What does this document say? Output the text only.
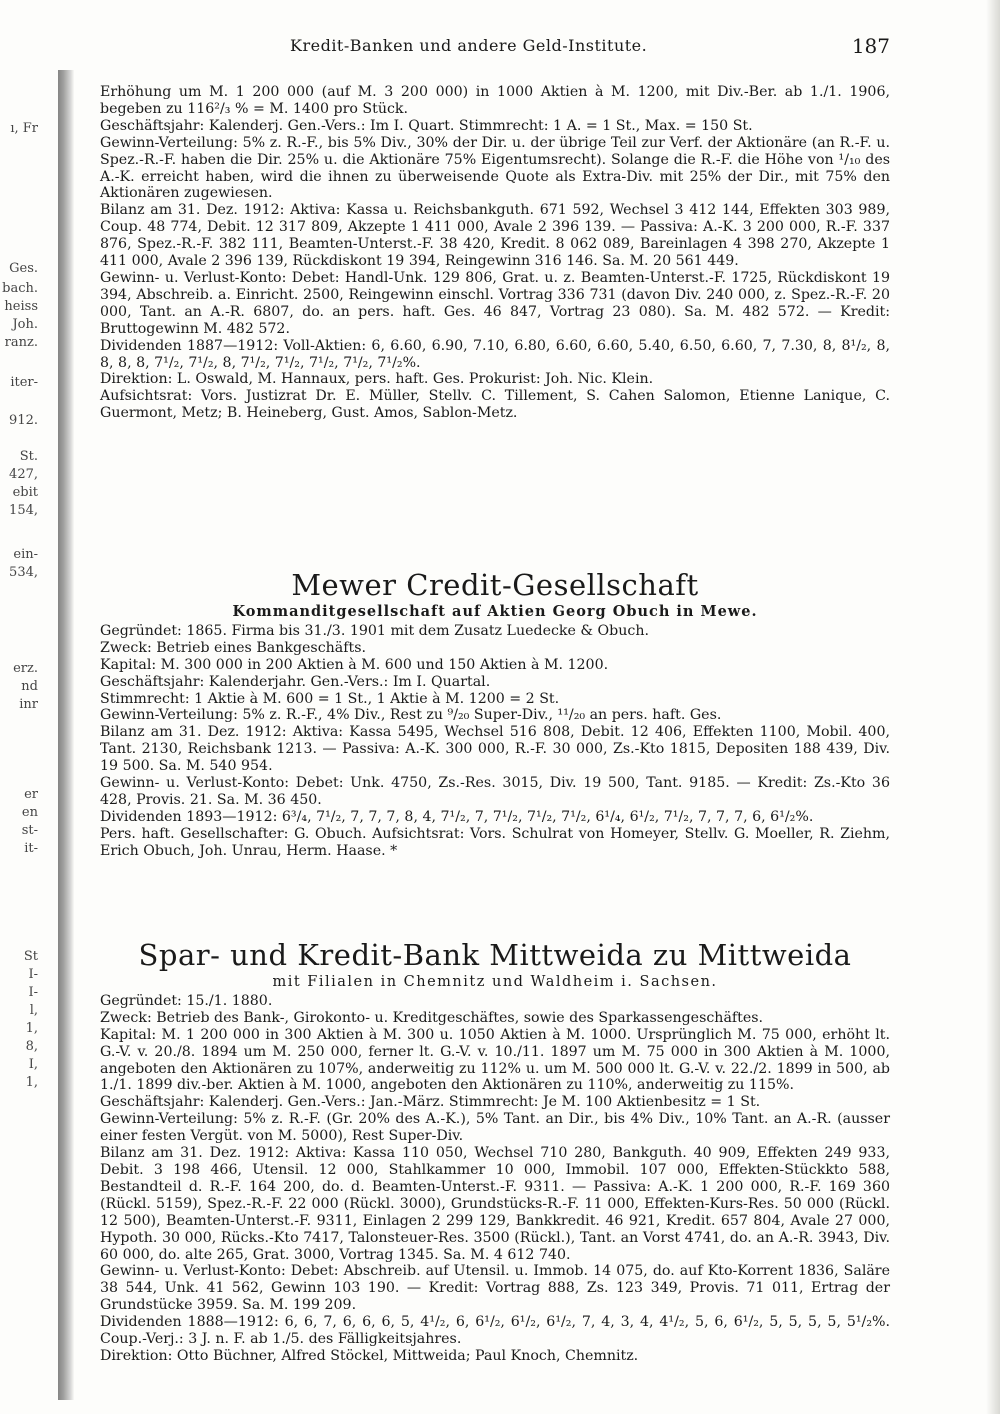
ı, Fr
Ges.
bach.
heiss
Joh.
ranz.
iter-
912.
St.
427,
ebit
154,
ein-
534,
erz.
nd
inr
er
en
st-
it-
St
I-
I-
l,
1,
8,
I,
1,
Kredit-Banken und andere Geld-Institute.	187

Erhöhung um M. 1 200 000 (auf M. 3 200 000) in 1000 Aktien à M. 1200, mit Div.-Ber. ab 1./1. 1906, begeben zu 116²/₃ % = M. 1400 pro Stück.

Geschäftsjahr: Kalenderj. Gen.-Vers.: Im I. Quart. Stimmrecht: 1 A. = 1 St., Max. = 150 St.

Gewinn-Verteilung: 5% z. R.-F., bis 5% Div., 30% der Dir. u. der übrige Teil zur Verf. der Aktionäre (an R.-F. u. Spez.-R.-F. haben die Dir. 25% u. die Aktionäre 75% Eigentumsrecht). Solange die R.-F. die Höhe von ¹/₁₀ des A.-K. erreicht haben, wird die ihnen zu überweisende Quote als Extra-Div. mit 25% der Dir., mit 75% den Aktionären zugewiesen.

Bilanz am 31. Dez. 1912: Aktiva: Kassa u. Reichsbankguth. 671 592, Wechsel 3 412 144, Effekten 303 989, Coup. 48 774, Debit. 12 317 809, Akzepte 1 411 000, Avale 2 396 139. — Passiva: A.-K. 3 200 000, R.-F. 337 876, Spez.-R.-F. 382 111, Beamten-Unterst.-F. 38 420, Kredit. 8 062 089, Bareinlagen 4 398 270, Akzepte 1 411 000, Avale 2 396 139, Rückdiskont 19 394, Reingewinn 316 146. Sa. M. 20 561 449.

Gewinn- u. Verlust-Konto: Debet: Handl-Unk. 129 806, Grat. u. z. Beamten-Unterst.-F. 1725, Rückdiskont 19 394, Abschreib. a. Einricht. 2500, Reingewinn einschl. Vortrag 336 731 (davon Div. 240 000, z. Spez.-R.-F. 20 000, Tant. an A.-R. 6807, do. an pers. haft. Ges. 46 847, Vortrag 23 080). Sa. M. 482 572. — Kredit: Bruttogewinn M. 482 572.

Dividenden 1887—1912: Voll-Aktien: 6, 6.60, 6.90, 7.10, 6.80, 6.60, 6.60, 5.40, 6.50, 6.60, 7, 7.30, 8, 8¹/₂, 8, 8, 8, 8, 7¹/₂, 7¹/₂, 8, 7¹/₂, 7¹/₂, 7¹/₂, 7¹/₂, 7¹/₂%.

Direktion: L. Oswald, M. Hannaux, pers. haft. Ges. Prokurist: Joh. Nic. Klein.

Aufsichtsrat: Vors. Justizrat Dr. E. Müller, Stellv. C. Tillement, S. Cahen Salomon, Etienne Lanique, C. Guermont, Metz; B. Heineberg, Gust. Amos, Sablon-Metz.

Mewer Credit-Gesellschaft
Kommanditgesellschaft auf Aktien Georg Obuch in Mewe.

Gegründet: 1865. Firma bis 31./3. 1901 mit dem Zusatz Luedecke & Obuch.

Zweck: Betrieb eines Bankgeschäfts.

Kapital: M. 300 000 in 200 Aktien à M. 600 und 150 Aktien à M. 1200.

Geschäftsjahr: Kalenderjahr. Gen.-Vers.: Im I. Quartal.

Stimmrecht: 1 Aktie à M. 600 = 1 St., 1 Aktie à M. 1200 = 2 St.

Gewinn-Verteilung: 5% z. R.-F., 4% Div., Rest zu ⁹/₂₀ Super-Div., ¹¹/₂₀ an pers. haft. Ges.

Bilanz am 31. Dez. 1912: Aktiva: Kassa 5495, Wechsel 516 808, Debit. 12 406, Effekten 1100, Mobil. 400, Tant. 2130, Reichsbank 1213. — Passiva: A.-K. 300 000, R.-F. 30 000, Zs.-Kto 1815, Depositen 188 439, Div. 19 500. Sa. M. 540 954.

Gewinn- u. Verlust-Konto: Debet: Unk. 4750, Zs.-Res. 3015, Div. 19 500, Tant. 9185. — Kredit: Zs.-Kto 36 428, Provis. 21. Sa. M. 36 450.

Dividenden 1893—1912: 6³/₄, 7¹/₂, 7, 7, 7, 8, 4, 7¹/₂, 7, 7¹/₂, 7¹/₂, 7¹/₂, 6¹/₄, 6¹/₂, 7¹/₂, 7, 7, 7, 6, 6¹/₂%.

Pers. haft. Gesellschafter: G. Obuch. Aufsichtsrat: Vors. Schulrat von Homeyer, Stellv. G. Moeller, R. Ziehm, Erich Obuch, Joh. Unrau, Herm. Haase. *

Spar- und Kredit-Bank Mittweida zu Mittweida
mit Filialen in Chemnitz und Waldheim i. Sachsen.

Gegründet: 15./1. 1880.

Zweck: Betrieb des Bank-, Girokonto- u. Kreditgeschäftes, sowie des Sparkassengeschäftes.

Kapital: M. 1 200 000 in 300 Aktien à M. 300 u. 1050 Aktien à M. 1000. Ursprünglich M. 75 000, erhöht lt. G.-V. v. 20./8. 1894 um M. 250 000, ferner lt. G.-V. v. 10./11. 1897 um M. 75 000 in 300 Aktien à M. 1000, angeboten den Aktionären zu 107%, anderweitig zu 112% u. um M. 500 000 lt. G.-V. v. 22./2. 1899 in 500, ab 1./1. 1899 div.-ber. Aktien à M. 1000, angeboten den Aktionären zu 110%, anderweitig zu 115%.

Geschäftsjahr: Kalenderj. Gen.-Vers.: Jan.-März. Stimmrecht: Je M. 100 Aktienbesitz = 1 St.

Gewinn-Verteilung: 5% z. R.-F. (Gr. 20% des A.-K.), 5% Tant. an Dir., bis 4% Div., 10% Tant. an A.-R. (ausser einer festen Vergüt. von M. 5000), Rest Super-Div.

Bilanz am 31. Dez. 1912: Aktiva: Kassa 110 050, Wechsel 710 280, Bankguth. 40 909, Effekten 249 933, Debit. 3 198 466, Utensil. 12 000, Stahlkammer 10 000, Immobil. 107 000, Effekten-Stückkto 588, Bestandteil d. R.-F. 164 200, do. d. Beamten-Unterst.-F. 9311. — Passiva: A.-K. 1 200 000, R.-F. 169 360 (Rückl. 5159), Spez.-R.-F. 22 000 (Rückl. 3000), Grundstücks-R.-F. 11 000, Effekten-Kurs-Res. 50 000 (Rückl. 12 500), Beamten-Unterst.-F. 9311, Einlagen 2 299 129, Bankkredit. 46 921, Kredit. 657 804, Avale 27 000, Hypoth. 30 000, Rücks.-Kto 7417, Talonsteuer-Res. 3500 (Rückl.), Tant. an Vorst 4741, do. an A.-R. 3943, Div. 60 000, do. alte 265, Grat. 3000, Vortrag 1345. Sa. M. 4 612 740.

Gewinn- u. Verlust-Konto: Debet: Abschreib. auf Utensil. u. Immob. 14 075, do. auf Kto-Korrent 1836, Saläre 38 544, Unk. 41 562, Gewinn 103 190. — Kredit: Vortrag 888, Zs. 123 349, Provis. 71 011, Ertrag der Grundstücke 3959. Sa. M. 199 209.

Dividenden 1888—1912: 6, 6, 7, 6, 6, 6, 5, 4¹/₂, 6, 6¹/₂, 6¹/₂, 6¹/₂, 7, 4, 3, 4, 4¹/₂, 5, 6, 6¹/₂, 5, 5, 5, 5, 5¹/₂%. Coup.-Verj.: 3 J. n. F. ab 1./5. des Fälligkeitsjahres.

Direktion: Otto Büchner, Alfred Stöckel, Mittweida; Paul Knoch, Chemnitz.
